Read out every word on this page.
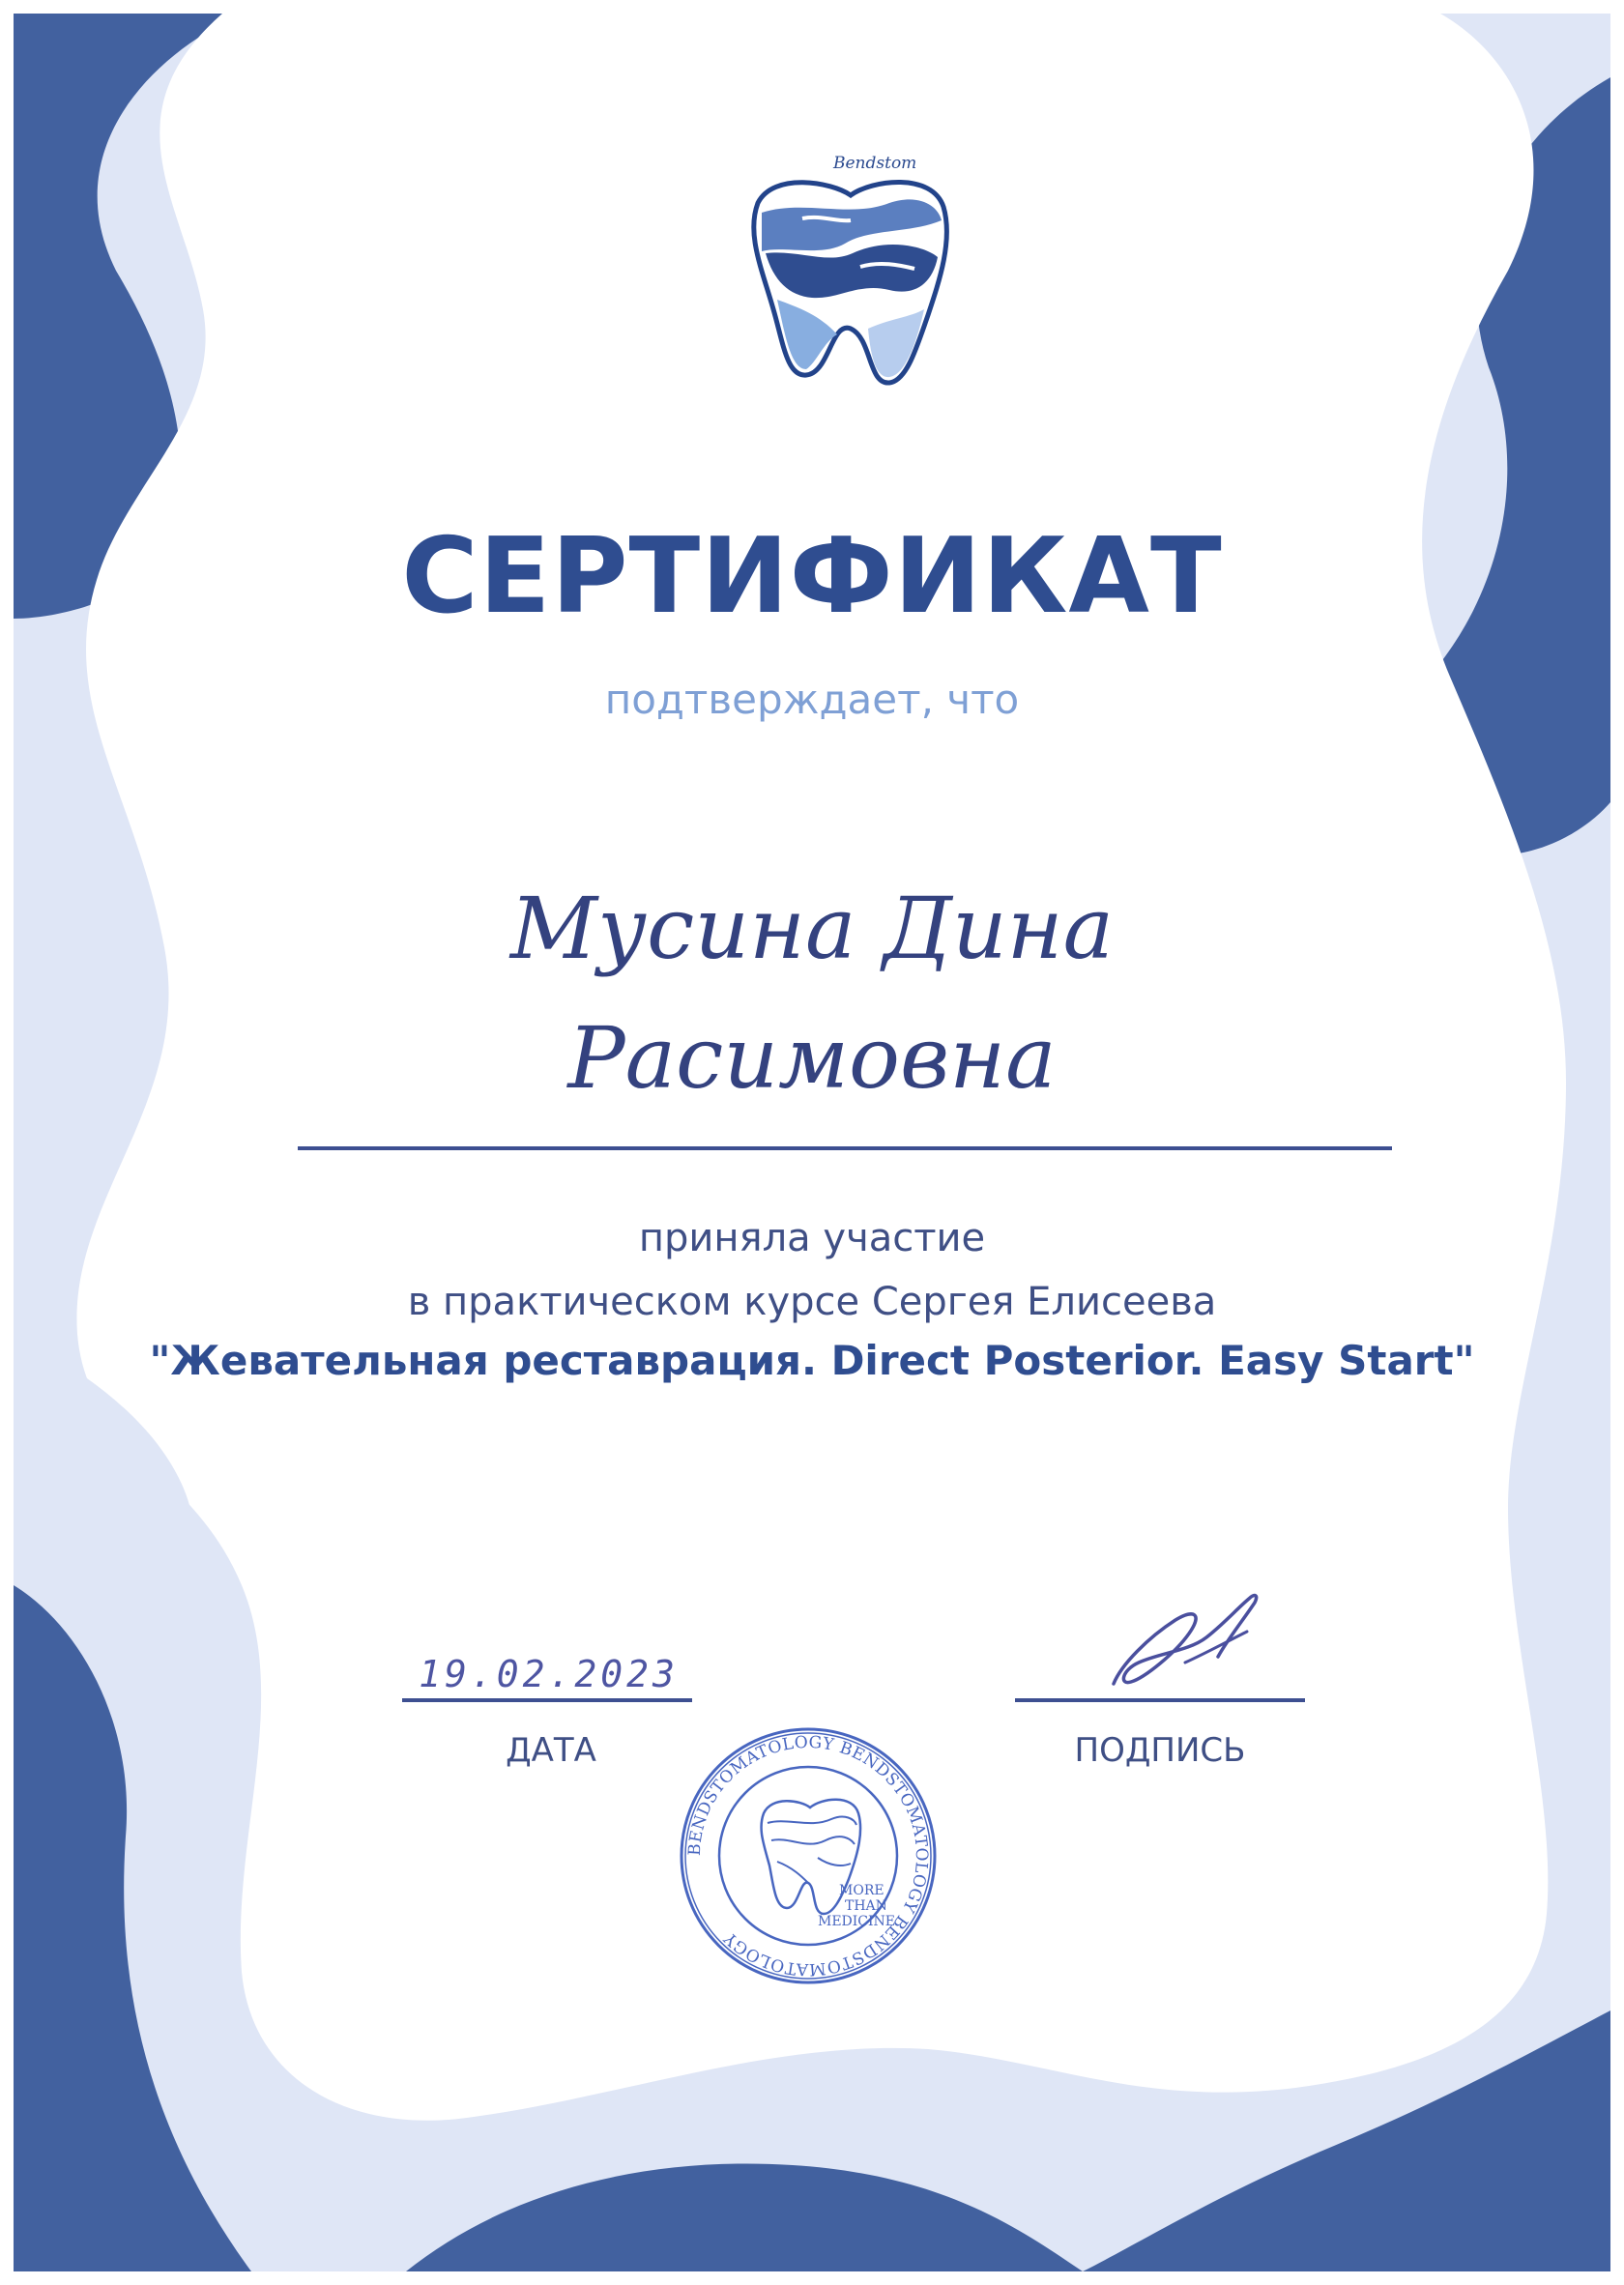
Bendstom
СЕРТИФИКАТ
подтверждает, что
Мусина Дина
Расимовна
приняла участие
в практическом курсе Сергея Елисеева
"Жевательная реставрация. Direct Posterior. Easy Start"
19.02.2023
ДАТА	ПОДПИСЬ
BENDSTOMATOLOGY BENDSTOMATOLOGY BENDSTOMATOLOGY
MORE
THAN
MEDICINE
